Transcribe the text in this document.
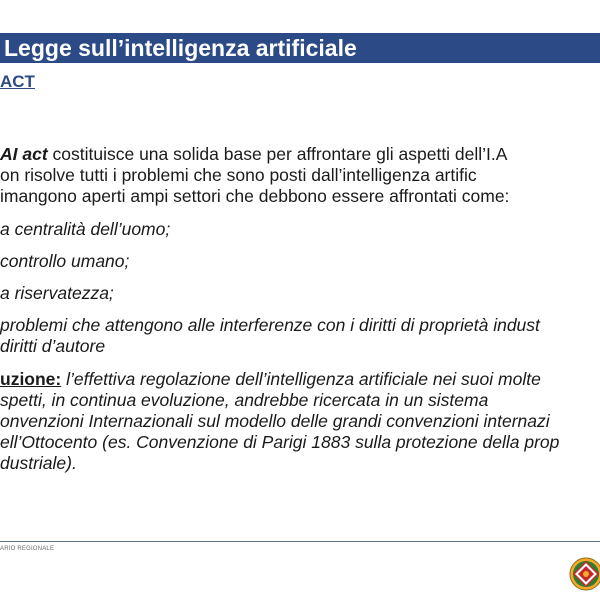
Legge sull’intelligenza artificiale
ACT
AI act costituisce una solida base per affrontare gli aspetti dell’I.A
on risolve tutti i problemi che sono posti dall’intelligenza artific
imangono aperti ampi settori che debbono essere affrontati come:
a centralità dell’uomo;
controllo umano;
a riservatezza;
problemi che attengono alle interferenze con i diritti di proprietà indust
diritti d’autore
uzione: l’effettiva regolazione dell’intelligenza artificiale nei suoi molte
spetti, in continua evoluzione, andrebbe ricercata in un sistema
onvenzioni Internazionali sul modello delle grandi convenzioni internazi
ell’Ottocento (es. Convenzione di Parigi 1883 sulla protezione della prop
dustriale).
ARIO REGIONALE
